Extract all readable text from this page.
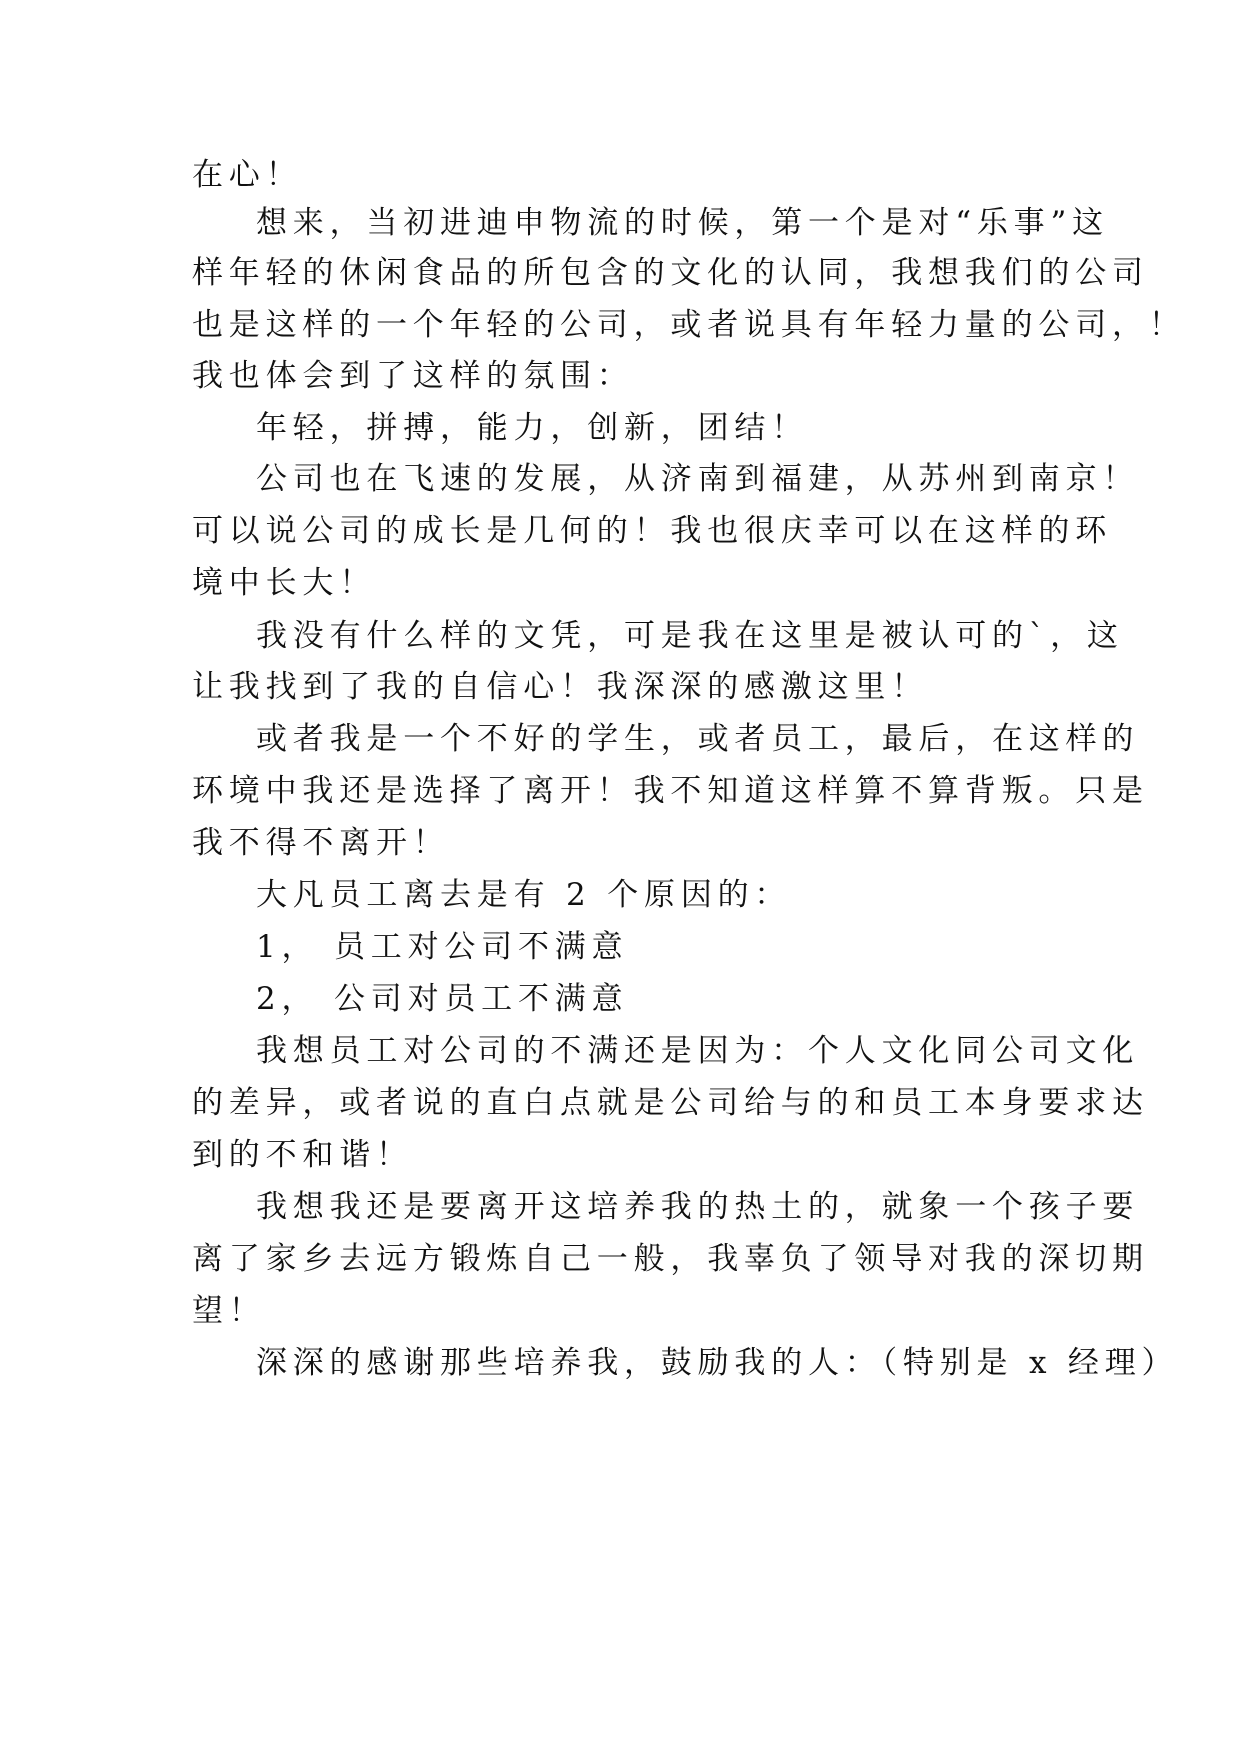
在心！
想来，当初进迪申物流的时候，第一个是对“乐事”这
样年轻的休闲食品的所包含的文化的认同，我想我们的公司
也是这样的一个年轻的公司，或者说具有年轻力量的公司，！
我也体会到了这样的氛围：
年轻，拼搏，能力，创新，团结！
公司也在飞速的发展，从济南到福建，从苏州到南京！
可以说公司的成长是几何的！我也很庆幸可以在这样的环
境中长大！
我没有什么样的文凭，可是我在这里是被认可的`，这
让我找到了我的自信心！我深深的感激这里！
或者我是一个不好的学生，或者员工，最后，在这样的
环境中我还是选择了离开！我不知道这样算不算背叛。只是
我不得不离开！
大凡员工离去是有 2 个原因的：
1， 员工对公司不满意
2， 公司对员工不满意
我想员工对公司的不满还是因为：个人文化同公司文化
的差异，或者说的直白点就是公司给与的和员工本身要求达
到的不和谐！
我想我还是要离开这培养我的热土的，就象一个孩子要
离了家乡去远方锻炼自己一般，我辜负了领导对我的深切期
望！
深深的感谢那些培养我，鼓励我的人：（特别是 x 经理）
